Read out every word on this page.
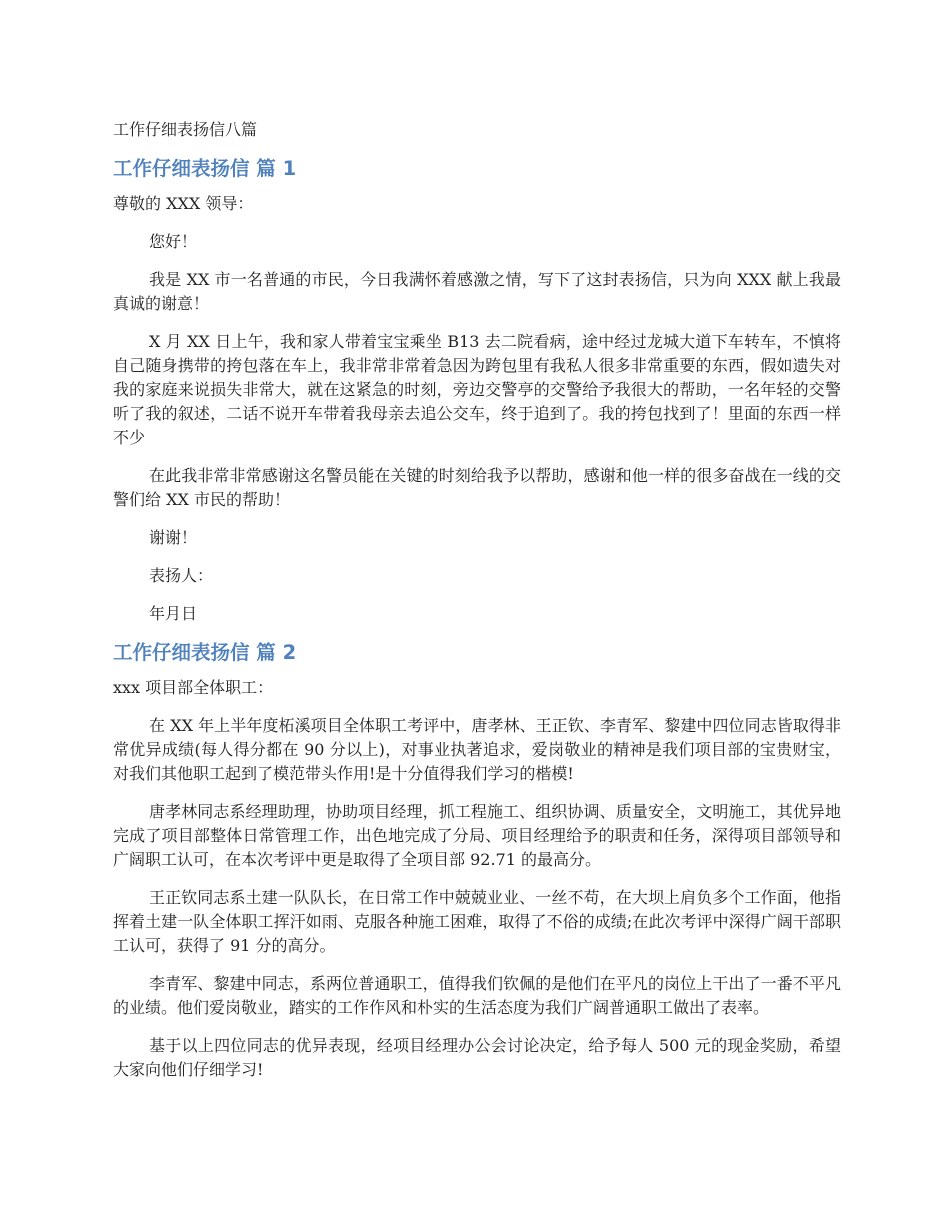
工作仔细表扬信八篇

工作仔细表扬信 篇 1

尊敬的 XXX 领导：

您好！

我是 XX 市一名普通的市民，今日我满怀着感激之情，写下了这封表扬信，只为向 XXX 献上我最真诚的谢意！

X 月 XX 日上午，我和家人带着宝宝乘坐 B13 去二院看病，途中经过龙城大道下车转车，不慎将自己随身携带的挎包落在车上，我非常非常着急因为跨包里有我私人很多非常重要的东西，假如遗失对我的家庭来说损失非常大，就在这紧急的时刻，旁边交警亭的交警给予我很大的帮助，一名年轻的交警听了我的叙述，二话不说开车带着我母亲去追公交车，终于追到了。我的挎包找到了！里面的东西一样不少

在此我非常非常感谢这名警员能在关键的时刻给我予以帮助，感谢和他一样的很多奋战在一线的交警们给 XX 市民的帮助！

谢谢！

表扬人：

年月日

工作仔细表扬信 篇 2

xxx 项目部全体职工：

在 XX 年上半年度柘溪项目全体职工考评中，唐孝林、王正钦、李青军、黎建中四位同志皆取得非常优异成绩(每人得分都在 90 分以上)，对事业执著追求，爱岗敬业的精神是我们项目部的宝贵财宝，对我们其他职工起到了模范带头作用!是十分值得我们学习的楷模!

唐孝林同志系经理助理，协助项目经理，抓工程施工、组织协调、质量安全，文明施工，其优异地完成了项目部整体日常管理工作，出色地完成了分局、项目经理给予的职责和任务，深得项目部领导和广阔职工认可，在本次考评中更是取得了全项目部 92.71 的最高分。

王正钦同志系土建一队队长，在日常工作中兢兢业业、一丝不苟，在大坝上肩负多个工作面，他指挥着土建一队全体职工挥汗如雨、克服各种施工困难，取得了不俗的成绩;在此次考评中深得广阔干部职工认可，获得了 91 分的高分。

李青军、黎建中同志，系两位普通职工，值得我们钦佩的是他们在平凡的岗位上干出了一番不平凡的业绩。他们爱岗敬业，踏实的工作作风和朴实的生活态度为我们广阔普通职工做出了表率。

基于以上四位同志的优异表现，经项目经理办公会讨论决定，给予每人 500 元的现金奖励，希望大家向他们仔细学习!
